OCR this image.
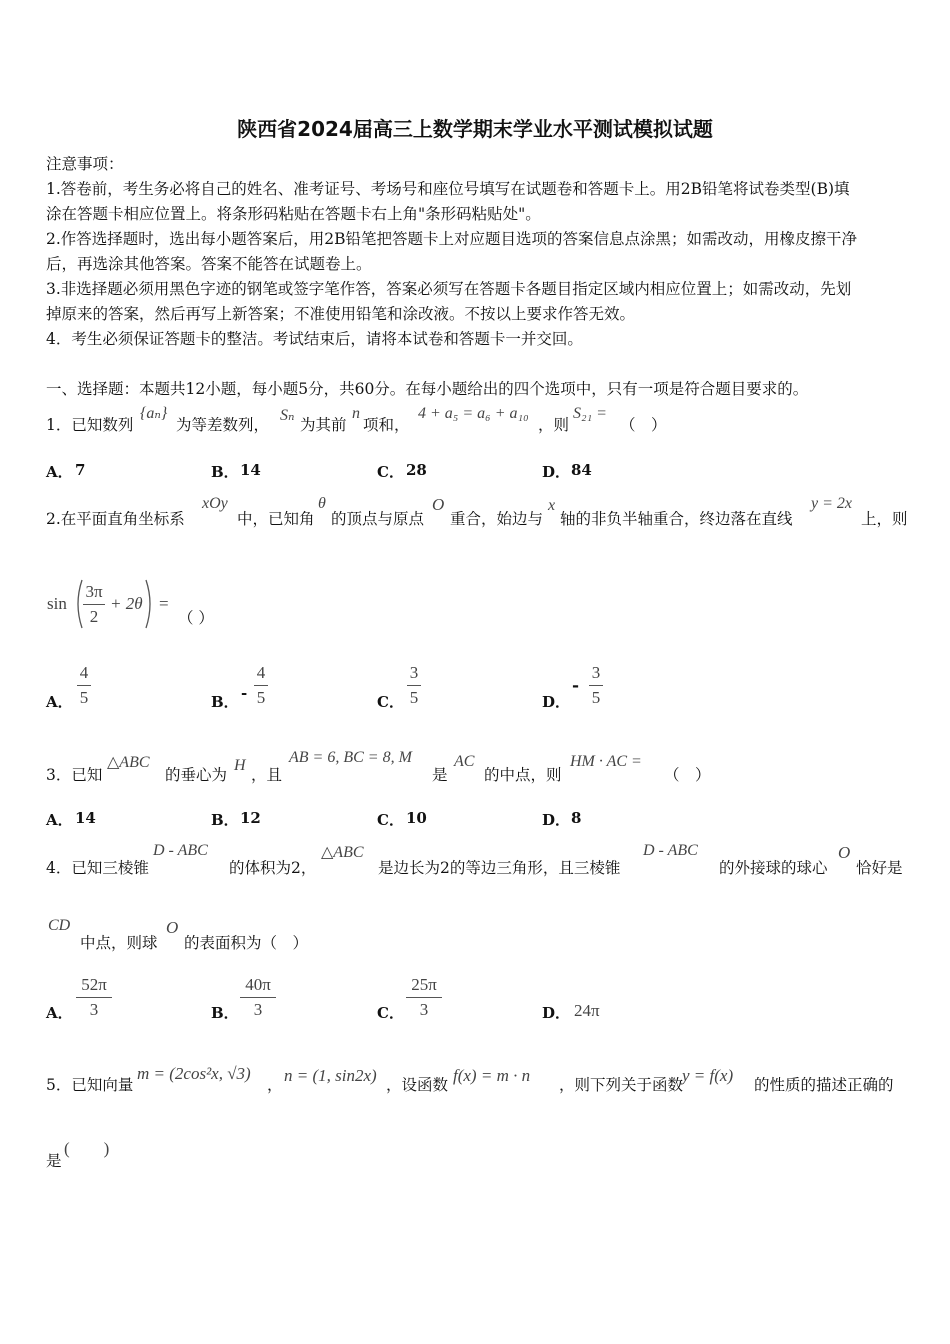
陕西省2024届高三上数学期末学业水平测试模拟试题
注意事项：
1.答卷前，考生务必将自己的姓名、准考证号、考场号和座位号填写在试题卷和答题卡上。用2B铅笔将试卷类型(B)填
涂在答题卡相应位置上。将条形码粘贴在答题卡右上角"条形码粘贴处"。
2.作答选择题时，选出每小题答案后，用2B铅笔把答题卡上对应题目选项的答案信息点涂黑；如需改动，用橡皮擦干净
后，再选涂其他答案。答案不能答在试题卷上。
3.非选择题必须用黑色字迹的钢笔或签字笔作答，答案必须写在答题卡各题目指定区域内相应位置上；如需改动，先划
掉原来的答案，然后再写上新答案；不准使用铅笔和涂改液。不按以上要求作答无效。
4．考生必须保证答题卡的整洁。考试结束后，请将本试卷和答题卡一并交回。
一、选择题：本题共12小题，每小题5分，共60分。在每小题给出的四个选项中，只有一项是符合题目要求的。
1．已知数列
{aₙ}
为等差数列，
Sₙ
为其前
n
项和，
4 + a₅ = a₆ + a₁₀
，则
S₂₁ =
（　）
A． 7	B． 14	C． 28	D． 84
2.在平面直角坐标系
xOy
中，已知角
θ
的顶点与原点
O
重合，始边与
x
轴的非负半轴重合，终边落在直线
y = 2x
上，则
sin
3π
2
+ 2θ =
（ ）
A．
4
5	B． -
4
5	C．
3
5	D．
-
3
5
3．已知
△ABC
的垂心为
H
，且
AB = 6, BC = 8, M
是
AC
的中点，则
HM · AC =
（　）
A． 14	B． 12	C． 10	D． 8
4．已知三棱锥
D - ABC
的体积为2，
△ABC
是边长为2的等边三角形，且三棱锥
D - ABC
的外接球的球心
O
恰好是
CD
中点，则球
O
的表面积为（　）
A．
52π
3	B．
40π
3	C．
25π
3	D． 24π
5．已知向量
m = (2cos²x, √3)
， n = (1, sin2x) ，设函数 f(x) = m · n ，则下列关于函数
y = f(x) 的性质的描述正确的
是
(　　)
